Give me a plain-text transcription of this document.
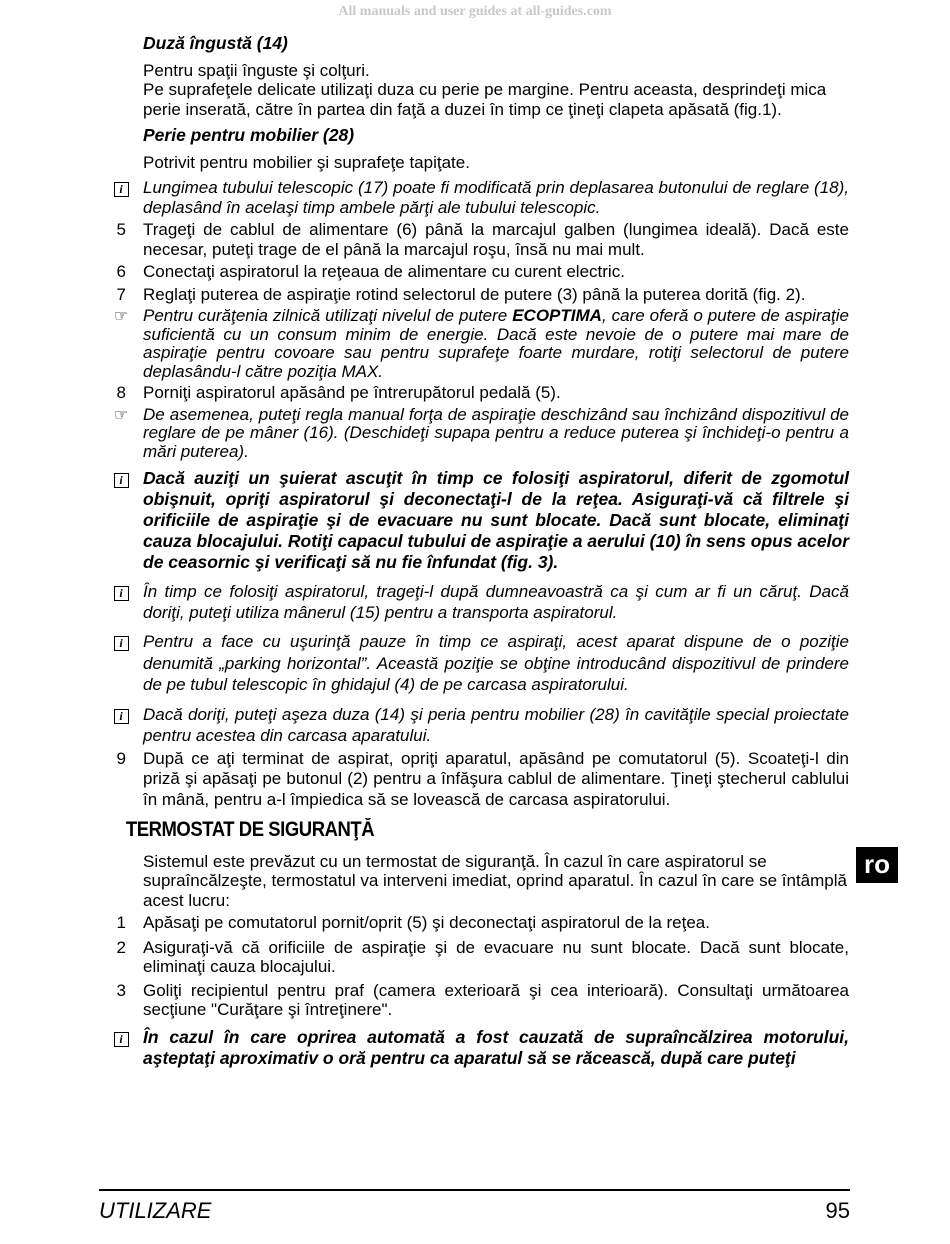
All manuals and user guides at all-guides.com
Duză îngustă (14)
Pentru spaţii înguste şi colţuri.
Pe suprafeţele delicate utilizaţi duza cu perie pe margine. Pentru aceasta, desprindeţi mica perie inserată, către în partea din faţă a duzei în timp ce ţineţi clapeta apăsată (fig.1).
Perie pentru mobilier (28)
Potrivit pentru mobilier şi suprafeţe tapiţate.
i	Lungimea tubului telescopic (17) poate fi modificată prin deplasarea butonului de reglare (18), deplasând în acelaşi timp ambele părţi ale tubului telescopic.
5 Trageţi de cablul de alimentare (6) până la marcajul galben (lungimea ideală). Dacă este necesar, puteţi trage de el până la marcajul roşu, însă nu mai mult.
6 Conectaţi aspiratorul la reţeaua de alimentare cu curent electric.
7 Reglaţi puterea de aspiraţie rotind selectorul de putere (3) până la puterea dorită (fig. 2).
☞ Pentru curăţenia zilnică utilizaţi nivelul de putere ECOPTIMA, care oferă o putere de aspiraţie suficientă cu un consum minim de energie. Dacă este nevoie de o putere mai mare de aspiraţie pentru covoare sau pentru suprafeţe foarte murdare, rotiţi selectorul de putere deplasându-l către poziţia MAX.
8 Porniţi aspiratorul apăsând pe întrerupătorul pedală (5).
☞ De asemenea, puteţi regla manual forţa de aspiraţie deschizând sau închizând dispozitivul de reglare de pe mâner (16). (Deschideţi supapa pentru a reduce puterea şi închideţi-o pentru a mări puterea).
i	Dacă auziţi un şuierat ascuţit în timp ce folosiţi aspiratorul, diferit de zgomotul obişnuit, opriţi aspiratorul şi deconectaţi-l de la reţea. Asiguraţi-vă că filtrele şi orificiile de aspiraţie şi de evacuare nu sunt blocate. Dacă sunt blocate, eliminaţi cauza blocajului. Rotiţi capacul tubului de aspiraţie a aerului (10) în sens opus acelor de ceasornic şi verificaţi să nu fie înfundat (fig. 3).
i	În timp ce folosiţi aspiratorul, trageţi-l după dumneavoastră ca şi cum ar fi un căruţ. Dacă doriţi, puteţi utiliza mânerul (15) pentru a transporta aspiratorul.
i	Pentru a face cu uşurinţă pauze în timp ce aspiraţi, acest aparat dispune de o poziţie denumită „parking horizontal”. Această poziţie se obţine introducând dispozitivul de prindere de pe tubul telescopic în ghidajul (4) de pe carcasa aspiratorului.
i	Dacă doriţi, puteţi aşeza duza (14) şi peria pentru mobilier (28) în cavităţile special proiectate pentru acestea din carcasa aparatului.
9 După ce aţi terminat de aspirat, opriţi aparatul, apăsând pe comutatorul (5). Scoateţi-l din priză şi apăsaţi pe butonul (2) pentru a înfăşura cablul de alimentare. Ţineţi ştecherul cablului în mână, pentru a-l împiedica să se lovească de carcasa aspiratorului.
TERMOSTAT DE SIGURANŢĂ
Sistemul este prevăzut cu un termostat de siguranţă. În cazul în care aspiratorul se supraîncălzeşte, termostatul va interveni imediat, oprind aparatul. În cazul în care se întâmplă acest lucru:
1 Apăsaţi pe comutatorul pornit/oprit (5) şi deconectaţi aspiratorul de la reţea.
2 Asiguraţi-vă că orificiile de aspiraţie şi de evacuare nu sunt blocate. Dacă sunt blocate, eliminaţi cauza blocajului.
3 Goliţi recipientul pentru praf (camera exterioară şi cea interioară). Consultaţi următoarea secţiune "Curăţare şi întreţinere".
i	În cazul în care oprirea automată a fost cauzată de supraîncălzirea motorului, aşteptaţi aproximativ o oră pentru ca aparatul să se răcească, după care puteţi
ro
UTILIZARE	95
